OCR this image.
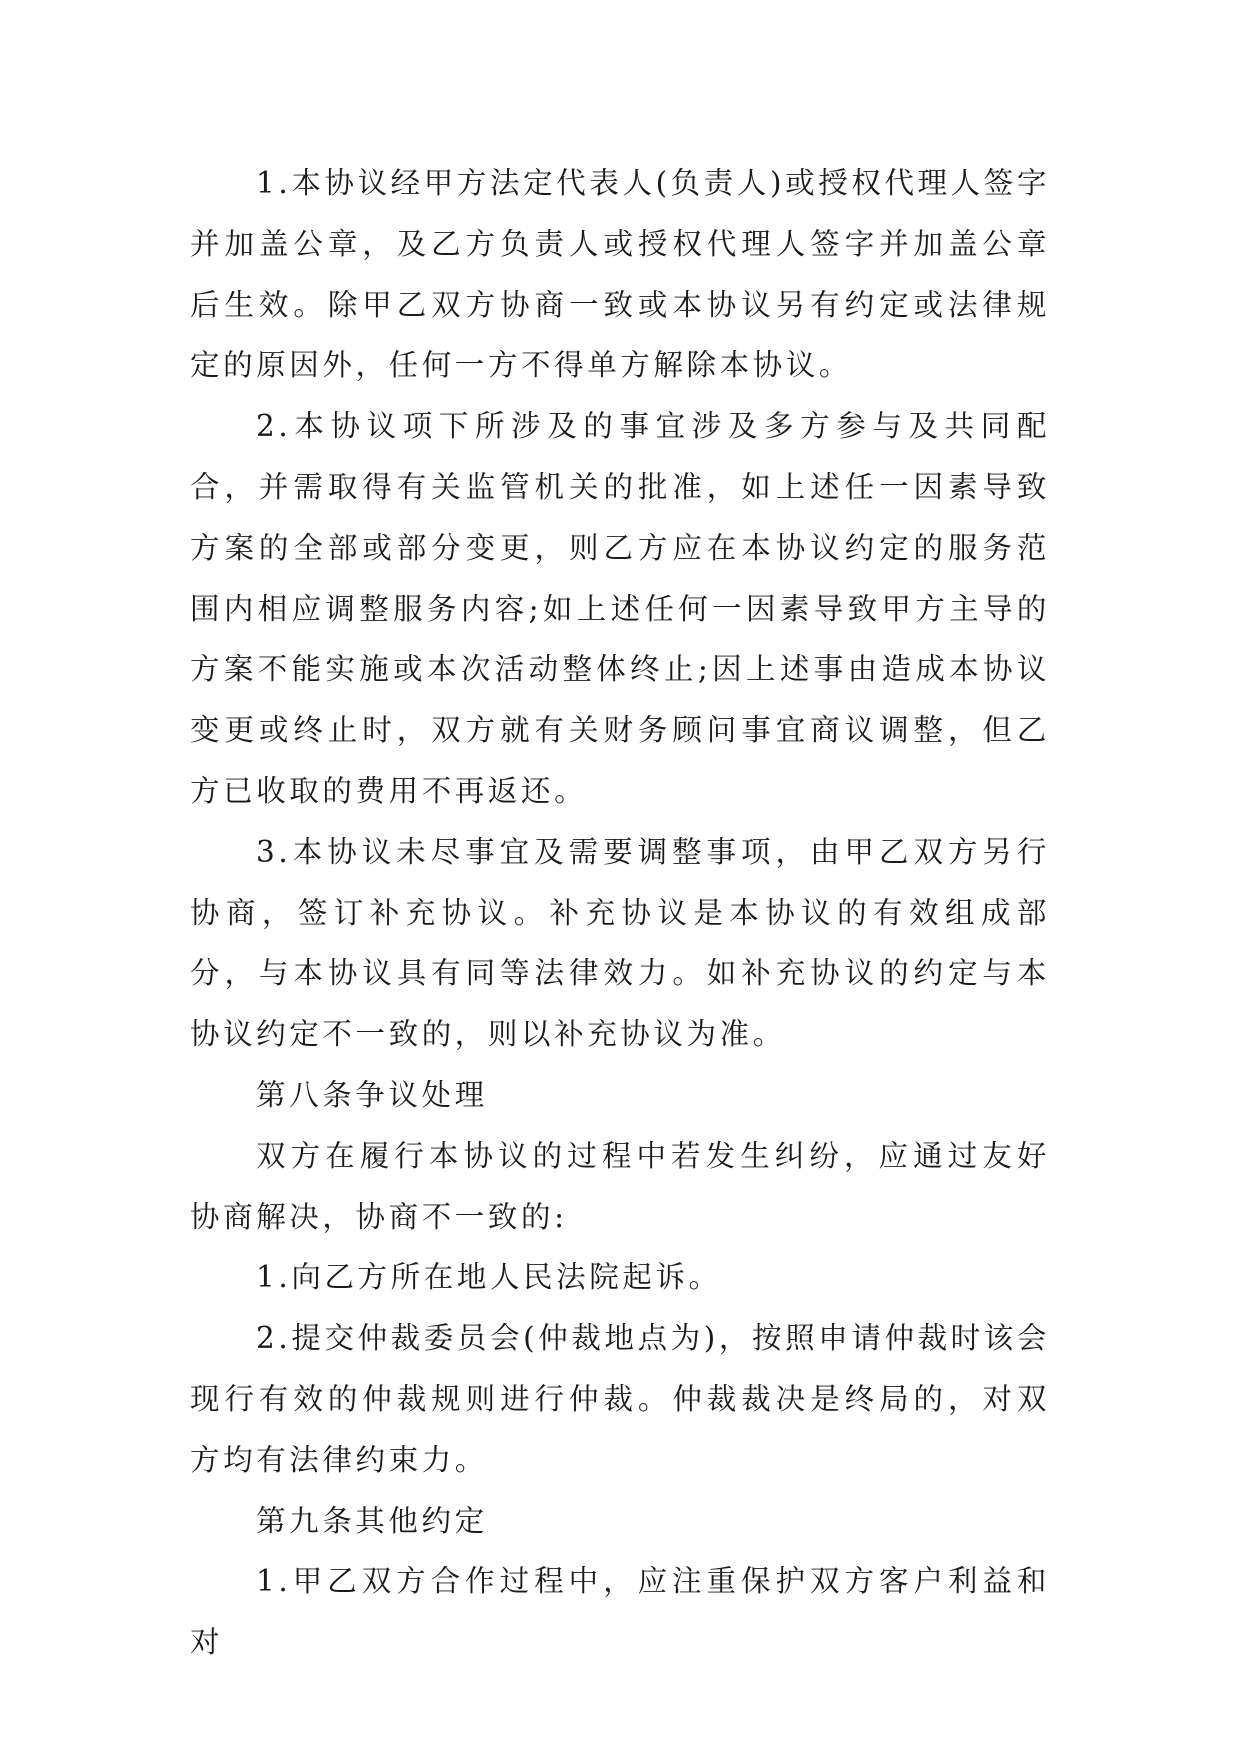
1.本协议经甲方法定代表人(负责人)或授权代理人签字并加盖公章，及乙方负责人或授权代理人签字并加盖公章后生效。除甲乙双方协商一致或本协议另有约定或法律规定的原因外，任何一方不得单方解除本协议。

2.本协议项下所涉及的事宜涉及多方参与及共同配合，并需取得有关监管机关的批准，如上述任一因素导致方案的全部或部分变更，则乙方应在本协议约定的服务范围内相应调整服务内容;如上述任何一因素导致甲方主导的方案不能实施或本次活动整体终止;因上述事由造成本协议变更或终止时，双方就有关财务顾问事宜商议调整，但乙方已收取的费用不再返还。

3.本协议未尽事宜及需要调整事项，由甲乙双方另行协商，签订补充协议。补充协议是本协议的有效组成部分，与本协议具有同等法律效力。如补充协议的约定与本协议约定不一致的，则以补充协议为准。

第八条争议处理

双方在履行本协议的过程中若发生纠纷，应通过友好协商解决，协商不一致的:

1.向乙方所在地人民法院起诉。

2.提交仲裁委员会(仲裁地点为)，按照申请仲裁时该会现行有效的仲裁规则进行仲裁。仲裁裁决是终局的，对双方均有法律约束力。

第九条其他约定

1.甲乙双方合作过程中，应注重保护双方客户利益和对
